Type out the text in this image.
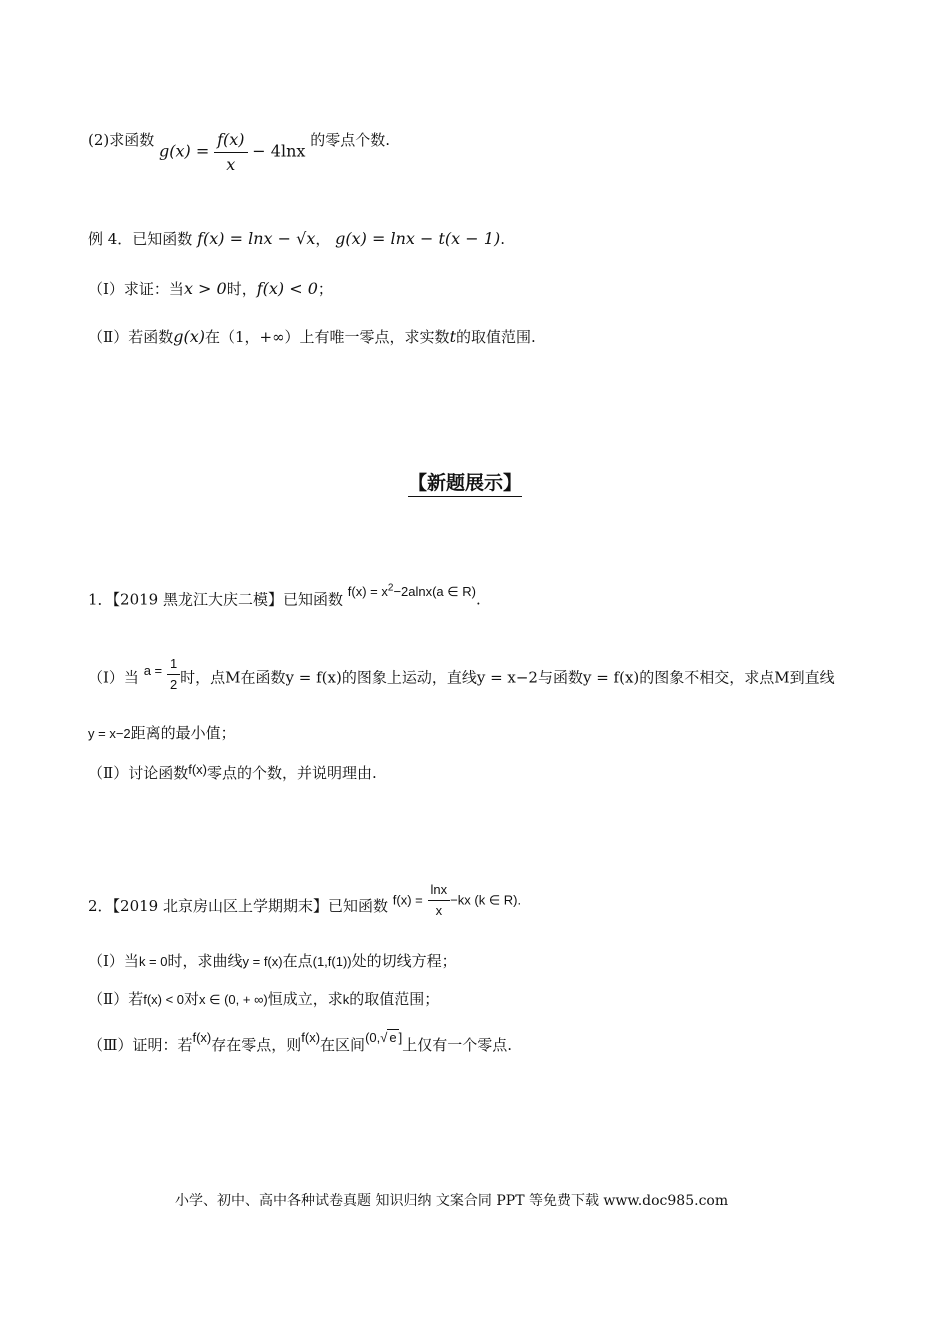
(2)求函数 $g(x) = \frac{f(x)}{x} - 4\ln x$ 的零点个数.
例 4．已知函数 f(x) = lnx − √x， g(x) = lnx − t(x − 1).
（Ⅰ）求证：当x > 0时，f(x) < 0；
（Ⅱ）若函数g(x)在（1，+∞）上有唯一零点，求实数t的取值范围.
【新题展示】
1．【2019 黑龙江大庆二模】已知函数 $f(x) = x^2-2alnx(a$ ∈ R).
（Ⅰ）当 $a = \frac{1}{2}$ 时，点M在函数y = f(x)的图象上运动，直线y = x−2与函数y = f(x)的图象不相交，求点M到直线
y = x−2距离的最小值；
（Ⅱ）讨论函数f(x)零点的个数，并说明理由.
2．【2019 北京房山区上学期期末】已知函数 $f(x) = \frac{\ln x}{x} -kx$ (k ∈ R).
（Ⅰ）当k = 0时，求曲线y = f(x)在点(1,f(1))处的切线方程；
（Ⅱ）若f(x) < 0对x ∈ (0, + ∞)恒成立，求k的取值范围；
（Ⅲ）证明：若f(x)存在零点，则f(x)在区间(0,√ e ]上仅有一个零点.
小学、初中、高中各种试卷真题 知识归纳 文案合同 PPT 等免费下载 www.doc985.com
